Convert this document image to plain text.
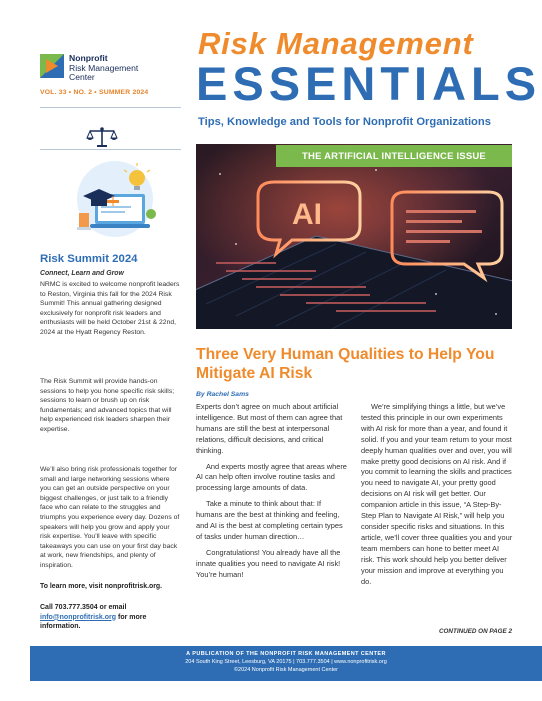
Nonprofit
Risk Management
Center
VOL. 33 • NO. 2 • SUMMER 2024
Risk Management
ESSENTIALS
Tips, Knowledge and Tools for Nonprofit Organizations
Risk Summit 2024
Connect, Learn and Grow
NRMC is excited to welcome nonprofit leaders to Reston, Virginia this fall for the 2024 Risk Summit! This annual gathering designed exclusively for nonprofit risk leaders and enthusiasts will be held October 21st & 22nd, 2024 at the Hyatt Regency Reston.
The Risk Summit will provide hands-on sessions to help you hone specific risk skills; sessions to learn or brush up on risk fundamentals; and advanced topics that will help experienced risk leaders sharpen their expertise.
We’ll also bring risk professionals together for small and large networking sessions where you can get an outside perspective on your biggest challenges, or just talk to a friendly face who can relate to the struggles and triumphs you experience every day. Dozens of speakers will help you grow and apply your risk expertise. You’ll leave with specific takeaways you can use on your first day back at work, new friendships, and plenty of inspiration.
To learn more, visit nonprofitrisk.org.
Call 703.777.3504 or email info@nonprofitrisk.org for more information.
AI
THE ARTIFICIAL INTELLIGENCE ISSUE
Three Very Human Qualities to Help You Mitigate AI Risk
By Rachel Sams

Experts don’t agree on much about artificial intelligence. But most of them can agree that humans are still the best at interpersonal relations, difficult decisions, and critical thinking.

And experts mostly agree that areas where AI can help often involve routine tasks and processing large amounts of data.

Take a minute to think about that: If humans are the best at thinking and feeling, and AI is the best at completing certain types of tasks under human direction…

Congratulations! You already have all the innate qualities you need to navigate AI risk! You’re human!

We’re simplifying things a little, but we’ve tested this principle in our own experiments with AI risk for more than a year, and found it solid. If you and your team return to your most deeply human qualities over and over, you will make pretty good decisions on AI risk. And if you commit to learning the skills and practices you need to navigate AI, your pretty good decisions on AI risk will get better. Our companion article in this issue, “A Step-By-Step Plan to Navigate AI Risk,” will help you consider specific risks and situations. In this article, we’ll cover three qualities you and your team members can hone to better meet AI risk. This work should help you better deliver your mission and improve at everything you do.

CONTINUED ON PAGE 2
A PUBLICATION OF THE NONPROFIT RISK MANAGEMENT CENTER
204 South King Street, Leesburg, VA 20175 | 703.777.3504 | www.nonprofitrisk.org
©2024 Nonprofit Risk Management Center
